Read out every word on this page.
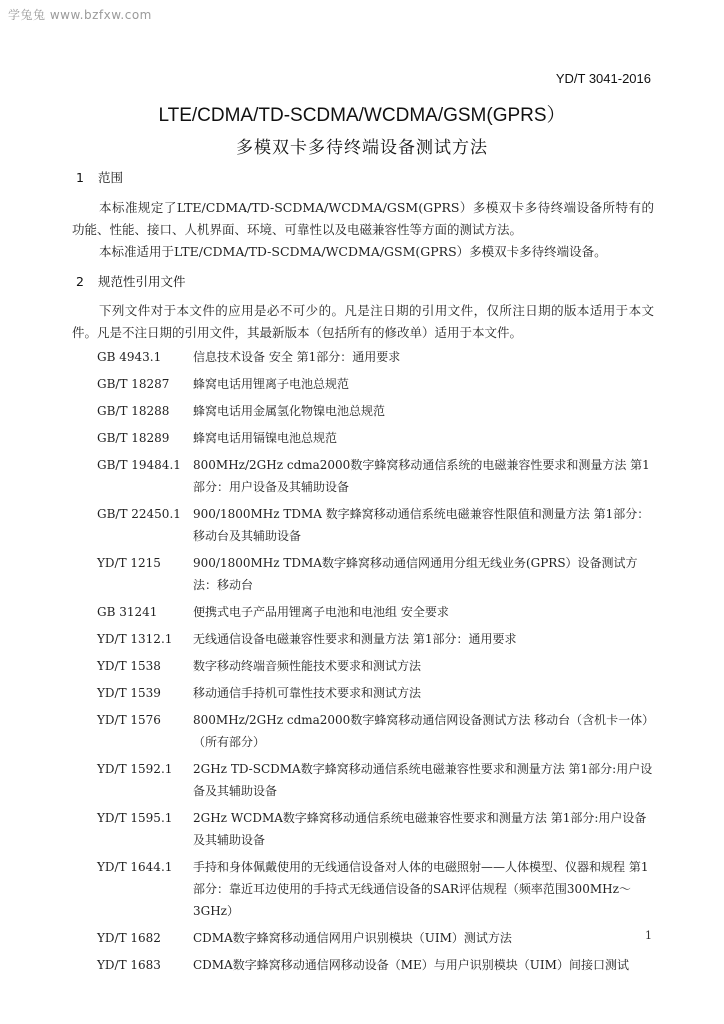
学兔兔 www.bzfxw.com
YD/T 3041-2016
LTE/CDMA/TD-SCDMA/WCDMA/GSM(GPRS）
多模双卡多待终端设备测试方法
1 范围

本标准规定了LTE/CDMA/TD-SCDMA/WCDMA/GSM(GPRS）多模双卡多待终端设备所特有的功能、性能、接口、人机界面、环境、可靠性以及电磁兼容性等方面的测试方法。

本标准适用于LTE/CDMA/TD-SCDMA/WCDMA/GSM(GPRS）多模双卡多待终端设备。

2 规范性引用文件

下列文件对于本文件的应用是必不可少的。凡是注日期的引用文件，仅所注日期的版本适用于本文件。凡是不注日期的引用文件，其最新版本（包括所有的修改单）适用于本文件。

GB 4943.1	信息技术设备 安全 第1部分：通用要求
GB/T 18287	蜂窝电话用锂离子电池总规范
GB/T 18288	蜂窝电话用金属氢化物镍电池总规范
GB/T 18289	蜂窝电话用镉镍电池总规范
GB/T 19484.1	800MHz/2GHz cdma2000数字蜂窝移动通信系统的电磁兼容性要求和测量方法 第1部分：用户设备及其辅助设备
GB/T 22450.1	900/1800MHz TDMA 数字蜂窝移动通信系统电磁兼容性限值和测量方法 第1部分：移动台及其辅助设备
YD/T 1215	900/1800MHz TDMA数字蜂窝移动通信网通用分组无线业务(GPRS）设备测试方法：移动台
GB 31241	便携式电子产品用锂离子电池和电池组 安全要求
YD/T 1312.1	无线通信设备电磁兼容性要求和测量方法 第1部分：通用要求
YD/T 1538	数字移动终端音频性能技术要求和测试方法
YD/T 1539	移动通信手持机可靠性技术要求和测试方法
YD/T 1576	800MHz/2GHz cdma2000数字蜂窝移动通信网设备测试方法 移动台（含机卡一体）（所有部分）
YD/T 1592.1	2GHz TD-SCDMA数字蜂窝移动通信系统电磁兼容性要求和测量方法 第1部分:用户设备及其辅助设备
YD/T 1595.1	2GHz WCDMA数字蜂窝移动通信系统电磁兼容性要求和测量方法 第1部分:用户设备及其辅助设备
YD/T 1644.1	手持和身体佩戴使用的无线通信设备对人体的电磁照射——人体模型、仪器和规程 第1部分：靠近耳边使用的手持式无线通信设备的SAR评估规程（频率范围300MHz～3GHz）
YD/T 1682	CDMA数字蜂窝移动通信网用户识别模块（UIM）测试方法
YD/T 1683	CDMA数字蜂窝移动通信网移动设备（ME）与用户识别模块（UIM）间接口测试
1
